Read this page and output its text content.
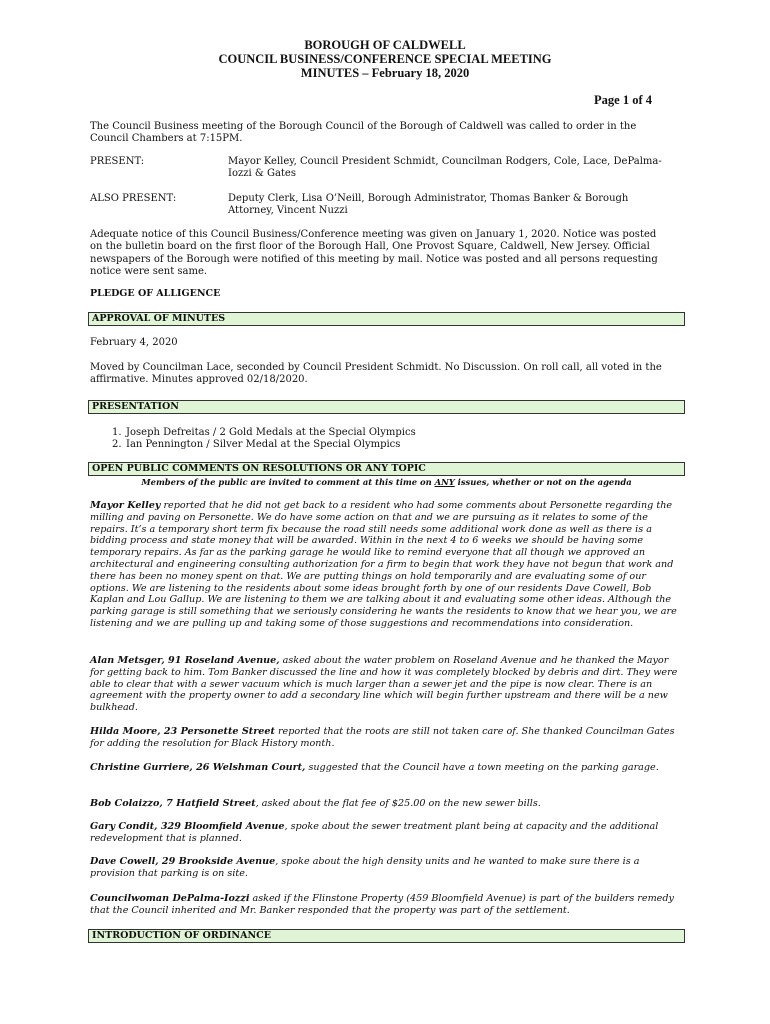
BOROUGH OF CALDWELL
COUNCIL BUSINESS/CONFERENCE SPECIAL MEETING
MINUTES – February 18, 2020
Page 1 of 4
The Council Business meeting of the Borough Council of the Borough of Caldwell was called to order in the Council Chambers at 7:15PM.
PRESENT:	Mayor Kelley, Council President Schmidt, Councilman Rodgers, Cole, Lace, DePalma-Iozzi & Gates
ALSO PRESENT:	Deputy Clerk, Lisa O’Neill, Borough Administrator, Thomas Banker & Borough Attorney, Vincent Nuzzi
Adequate notice of this Council Business/Conference meeting was given on January 1, 2020. Notice was posted on the bulletin board on the first floor of the Borough Hall, One Provost Square, Caldwell, New Jersey. Official newspapers of the Borough were notified of this meeting by mail. Notice was posted and all persons requesting notice were sent same.
PLEDGE OF ALLIGENCE
APPROVAL OF MINUTES
February 4, 2020
Moved by Councilman Lace, seconded by Council President Schmidt. No Discussion. On roll call, all voted in the affirmative. Minutes approved 02/18/2020.
PRESENTATION
1. Joseph Defreitas / 2 Gold Medals at the Special Olympics
2. Ian Pennington / Silver Medal at the Special Olympics
OPEN PUBLIC COMMENTS ON RESOLUTIONS OR ANY TOPIC
Members of the public are invited to comment at this time on ANY issues, whether or not on the agenda
Mayor Kelley reported that he did not get back to a resident who had some comments about Personette regarding the milling and paving on Personette. We do have some action on that and we are pursuing as it relates to some of the repairs. It’s a temporary short term fix because the road still needs some additional work done as well as there is a bidding process and state money that will be awarded. Within in the next 4 to 6 weeks we should be having some temporary repairs. As far as the parking garage he would like to remind everyone that all though we approved an architectural and engineering consulting authorization for a firm to begin that work they have not begun that work and there has been no money spent on that. We are putting things on hold temporarily and are evaluating some of our options. We are listening to the residents about some ideas brought forth by one of our residents Dave Cowell, Bob Kaplan and Lou Gallup. We are listening to them we are talking about it and evaluating some other ideas. Although the parking garage is still something that we seriously considering he wants the residents to know that we hear you, we are listening and we are pulling up and taking some of those suggestions and recommendations into consideration.
Alan Metsger, 91 Roseland Avenue, asked about the water problem on Roseland Avenue and he thanked the Mayor for getting back to him. Tom Banker discussed the line and how it was completely blocked by debris and dirt. They were able to clear that with a sewer vacuum which is much larger than a sewer jet and the pipe is now clear. There is an agreement with the property owner to add a secondary line which will begin further upstream and there will be a new bulkhead.
Hilda Moore, 23 Personette Street reported that the roots are still not taken care of. She thanked Councilman Gates for adding the resolution for Black History month.
Christine Gurriere, 26 Welshman Court, suggested that the Council have a town meeting on the parking garage.
Bob Colaizzo, 7 Hatfield Street, asked about the flat fee of $25.00 on the new sewer bills.
Gary Condit, 329 Bloomfield Avenue, spoke about the sewer treatment plant being at capacity and the additional redevelopment that is planned.
Dave Cowell, 29 Brookside Avenue, spoke about the high density units and he wanted to make sure there is a provision that parking is on site.
Councilwoman DePalma-Iozzi asked if the Flinstone Property (459 Bloomfield Avenue) is part of the builders remedy that the Council inherited and Mr. Banker responded that the property was part of the settlement.
INTRODUCTION OF ORDINANCE
